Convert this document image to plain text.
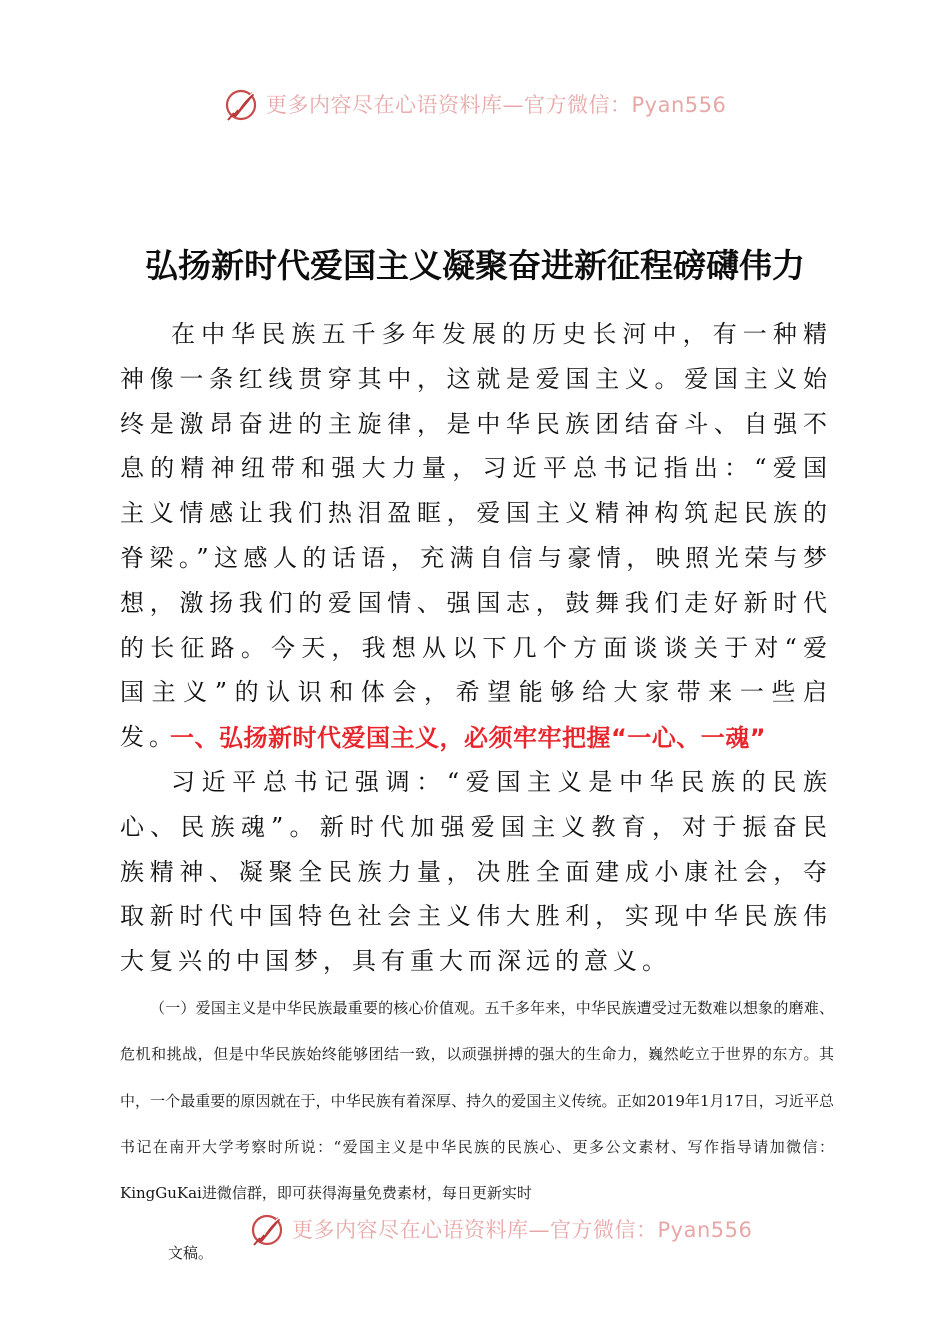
更多内容尽在心语资料库—官方微信：Pyan556
弘扬新时代爱国主义凝聚奋进新征程磅礴伟力

在中华民族五千多年发展的历史长河中，有一种精神像一条红线贯穿其中，这就是爱国主义。爱国主义始终是激昂奋进的主旋律，是中华民族团结奋斗、自强不息的精神纽带和强大力量，习近平总书记指出：“爱国主义情感让我们热泪盈眶，爱国主义精神构筑起民族的脊梁。”这感人的话语，充满自信与豪情，映照光荣与梦想，激扬我们的爱国情、强国志，鼓舞我们走好新时代的长征路。今天，我想从以下几个方面谈谈关于对“爱国主义”的认识和体会，希望能够给大家带来一些启发。

一、弘扬新时代爱国主义，必须牢牢把握“一心、一魂”

习近平总书记强调：“爱国主义是中华民族的民族心、民族魂”。新时代加强爱国主义教育，对于振奋民族精神、凝聚全民族力量，决胜全面建成小康社会，夺取新时代中国特色社会主义伟大胜利，实现中华民族伟大复兴的中国梦，具有重大而深远的意义。

（一）爱国主义是中华民族最重要的核心价值观。五千多年来，中华民族遭受过无数难以想象的磨难、危机和挑战，但是中华民族始终能够团结一致，以顽强拼搏的强大的生命力，巍然屹立于世界的东方。其中，一个最重要的原因就在于，中华民族有着深厚、持久的爱国主义传统。正如2019年1月17日，习近平总书记在南开大学考察时所说：“爱国主义是中华民族的民族心、更多公文素材、写作指导请加微信：KingGuKai进微信群，即可获得海量免费素材，每日更新实时

更多内容尽在心语资料库—官方微信：Pyan556
文稿。
